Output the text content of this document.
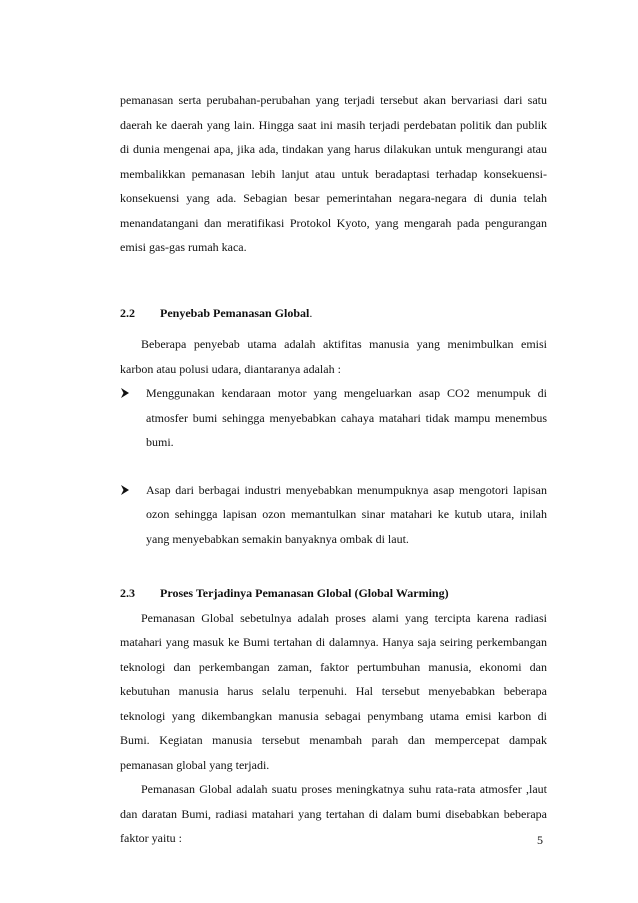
pemanasan serta perubahan-perubahan yang terjadi tersebut akan bervariasi dari satu daerah ke daerah yang lain. Hingga saat ini masih terjadi perdebatan politik dan publik di dunia mengenai apa, jika ada, tindakan yang harus dilakukan untuk mengurangi atau membalikkan pemanasan lebih lanjut atau untuk beradaptasi terhadap konsekuensi-konsekuensi yang ada. Sebagian besar pemerintahan negara-negara di dunia telah menandatangani dan meratifikasi Protokol Kyoto, yang mengarah pada pengurangan emisi gas-gas rumah kaca.

2.2	Penyebab Pemanasan Global.

Beberapa penyebab utama adalah aktifitas manusia yang menimbulkan emisi karbon atau polusi udara, diantaranya adalah :

Menggunakan kendaraan motor yang mengeluarkan asap CO2 menumpuk di atmosfer bumi sehingga menyebabkan cahaya matahari tidak mampu menembus bumi.

Asap dari berbagai industri menyebabkan menumpuknya asap mengotori lapisan ozon sehingga lapisan ozon memantulkan sinar matahari ke kutub utara, inilah yang menyebabkan semakin banyaknya ombak di laut.

2.3	Proses Terjadinya Pemanasan Global (Global Warming)

Pemanasan Global sebetulnya adalah proses alami yang tercipta karena radiasi matahari yang masuk ke Bumi tertahan di dalamnya. Hanya saja seiring perkembangan teknologi dan perkembangan zaman, faktor pertumbuhan manusia, ekonomi dan kebutuhan manusia harus selalu terpenuhi. Hal tersebut menyebabkan beberapa teknologi yang dikembangkan manusia sebagai penymbang utama emisi karbon di Bumi. Kegiatan manusia tersebut menambah parah dan mempercepat dampak pemanasan global yang terjadi.

Pemanasan Global adalah suatu proses meningkatnya suhu rata-rata atmosfer ,laut dan daratan Bumi, radiasi matahari yang tertahan di dalam bumi disebabkan beberapa faktor yaitu :	5
